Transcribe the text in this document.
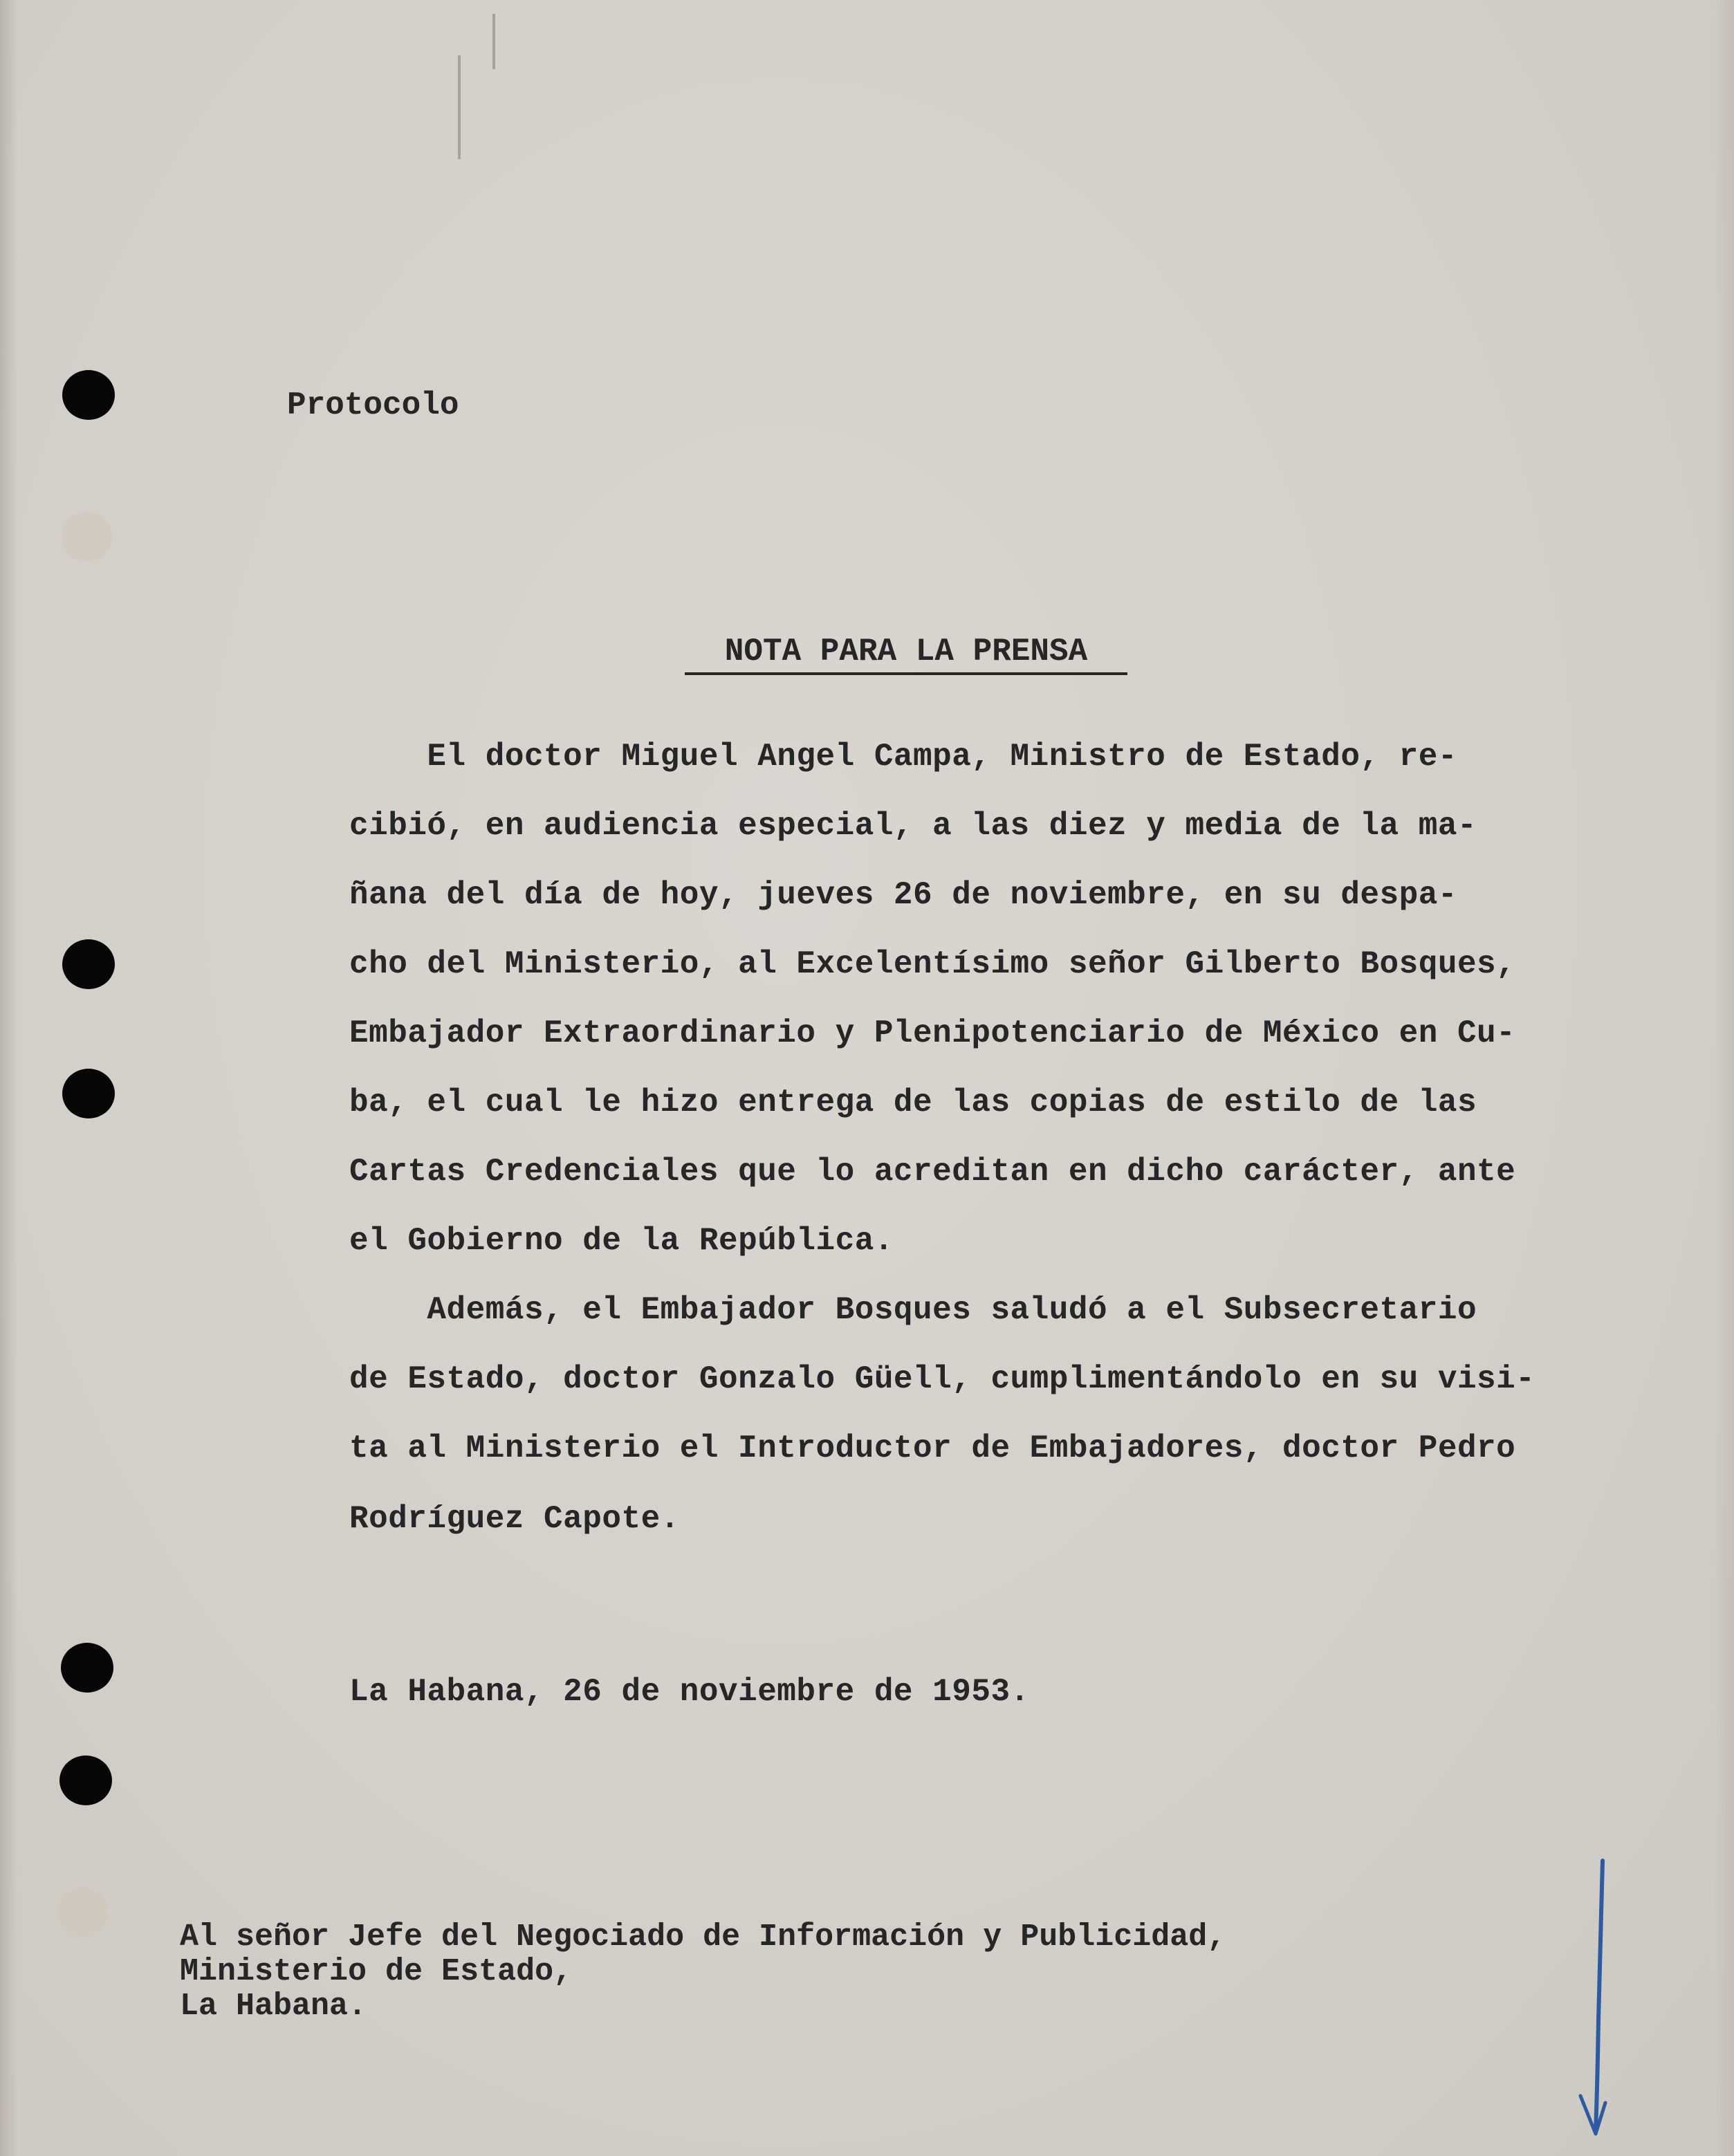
Protocolo
NOTA PARA LA PRENSA
El doctor Miguel Angel Campa, Ministro de Estado, re-
cibió, en audiencia especial, a las diez y media de la ma-
ñana del día de hoy, jueves 26 de noviembre, en su despa-
cho del Ministerio, al Excelentísimo señor Gilberto Bosques,
Embajador Extraordinario y Plenipotenciario de México en Cu-
ba, el cual le hizo entrega de las copias de estilo de las
Cartas Credenciales que lo acreditan en dicho carácter, ante
el Gobierno de la República.
Además, el Embajador Bosques saludó a el Subsecretario
de Estado, doctor Gonzalo Güell, cumplimentándolo en su visi-
ta al Ministerio el Introductor de Embajadores, doctor Pedro
Rodríguez Capote.
La Habana, 26 de noviembre de 1953.
Al señor Jefe del Negociado de Información y Publicidad,
Ministerio de Estado,
La Habana.
